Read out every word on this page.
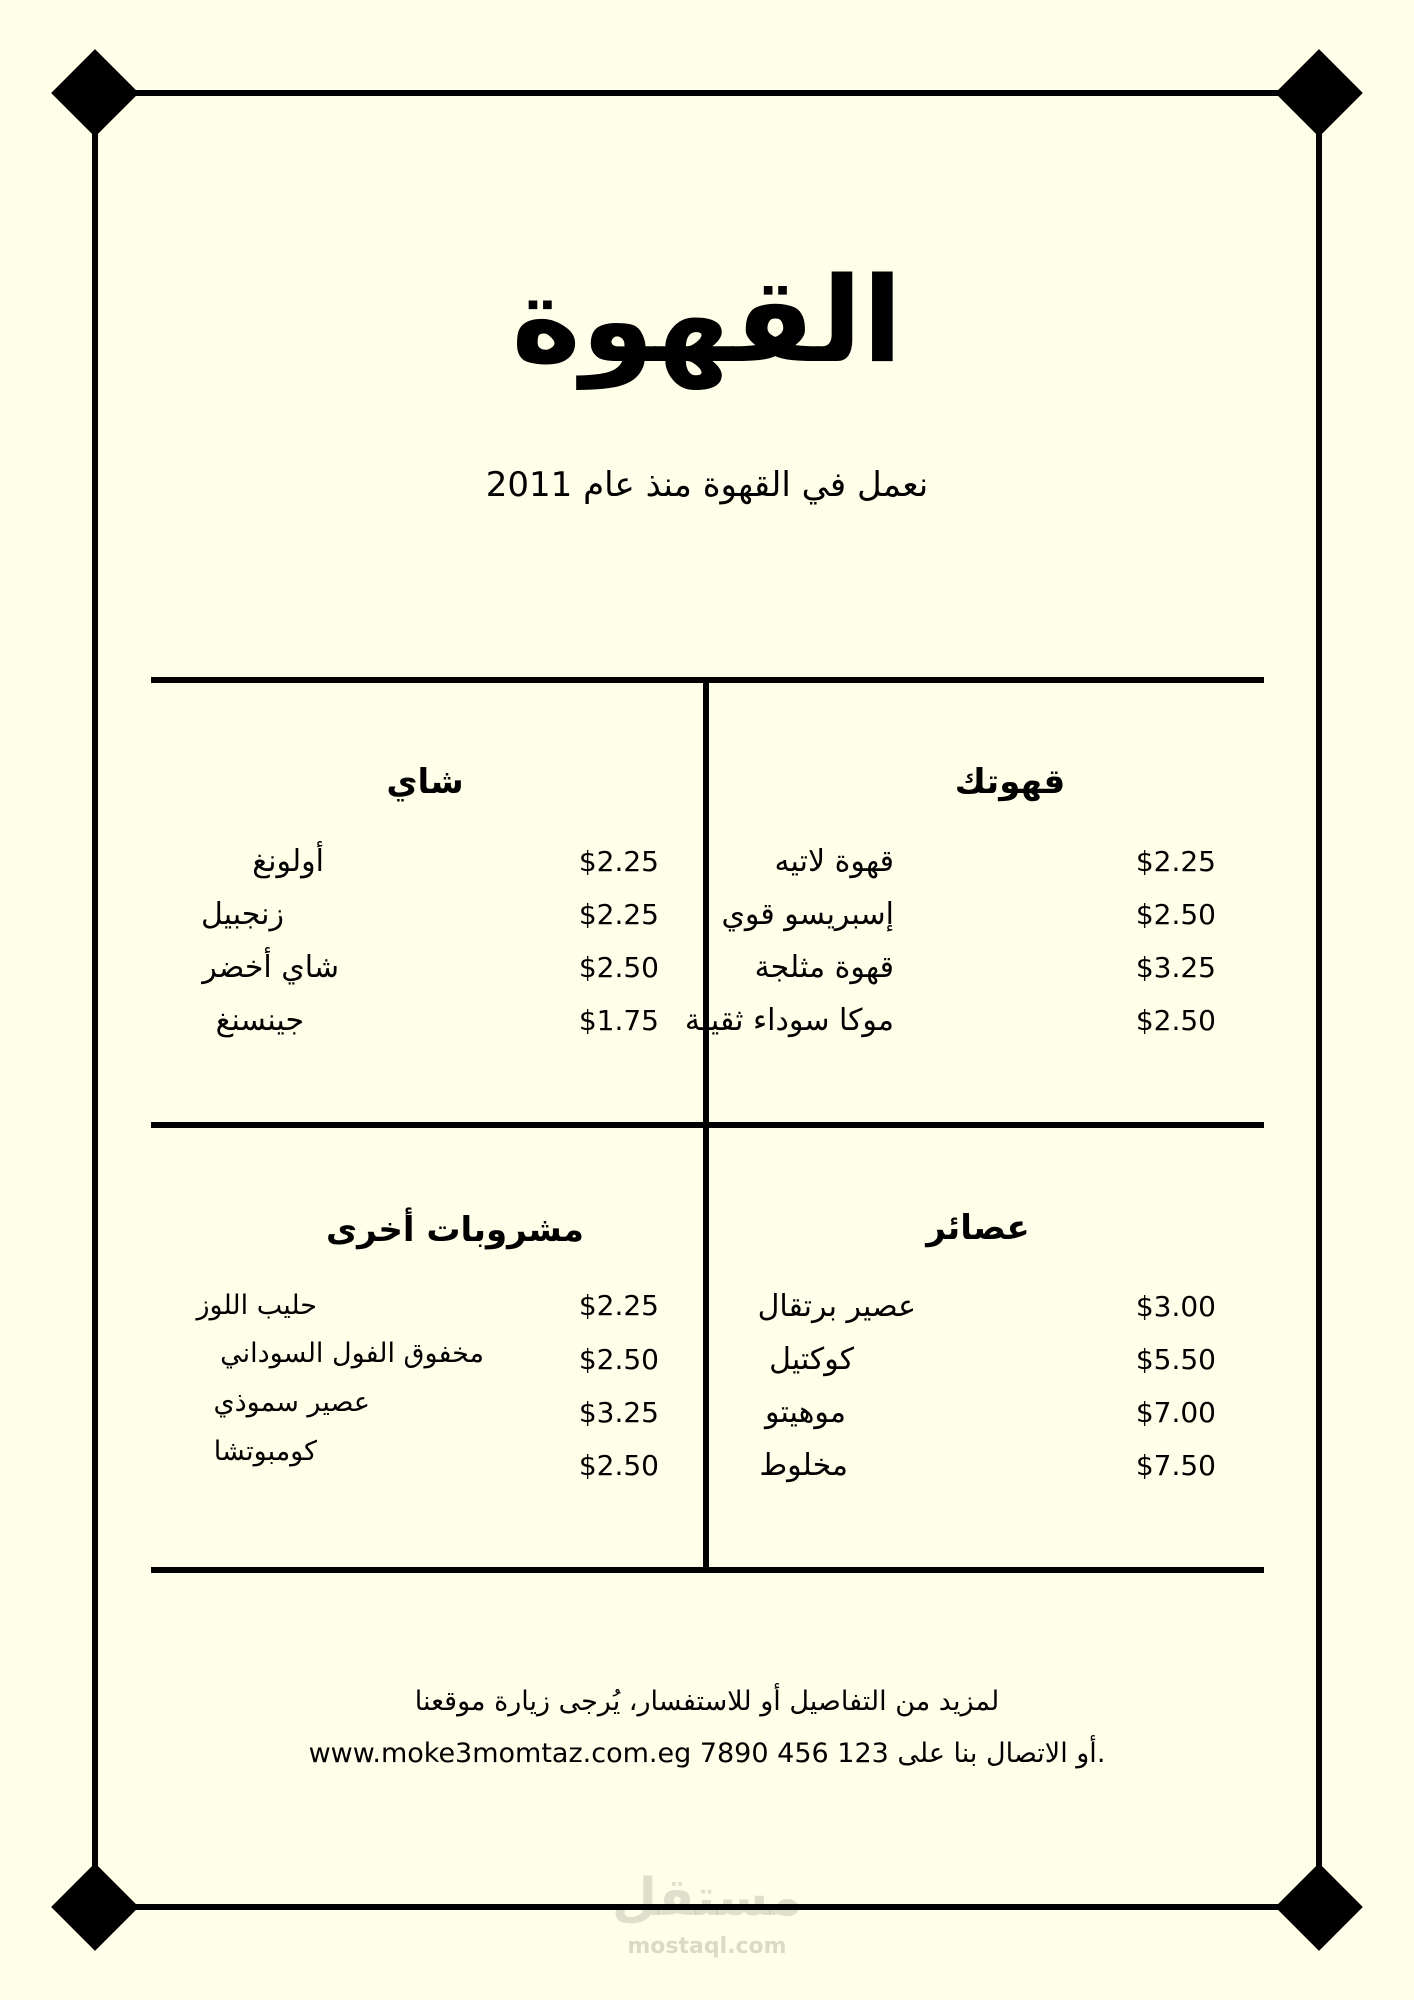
القهوة
نعمل في القهوة منذ عام 2011
قهوتك
قهوة لاتيه	$2.25
إسبريسو قوي	$2.50
قهوة مثلجة	$3.25
موكا سوداء ثقيلة	$2.50
شاي
أولونغ	$2.25
زنجبيل	$2.25
شاي أخضر	$2.50
جينسنغ	$1.75
عصائر
عصير برتقال	$3.00
كوكتيل	$5.50
موهيتو	$7.00
مخلوط	$7.50
مشروبات أخرى
حليب اللوز	$2.25
مخفوق الفول السوداني	$2.50
عصير سموذي	$3.25
كومبوتشا	$2.50
لمزيد من التفاصيل أو للاستفسار، يُرجى زيارة موقعنا
www.moke3momtaz.com.eg أو الاتصال بنا على 123 456 7890.
مستقل
mostaql.com
